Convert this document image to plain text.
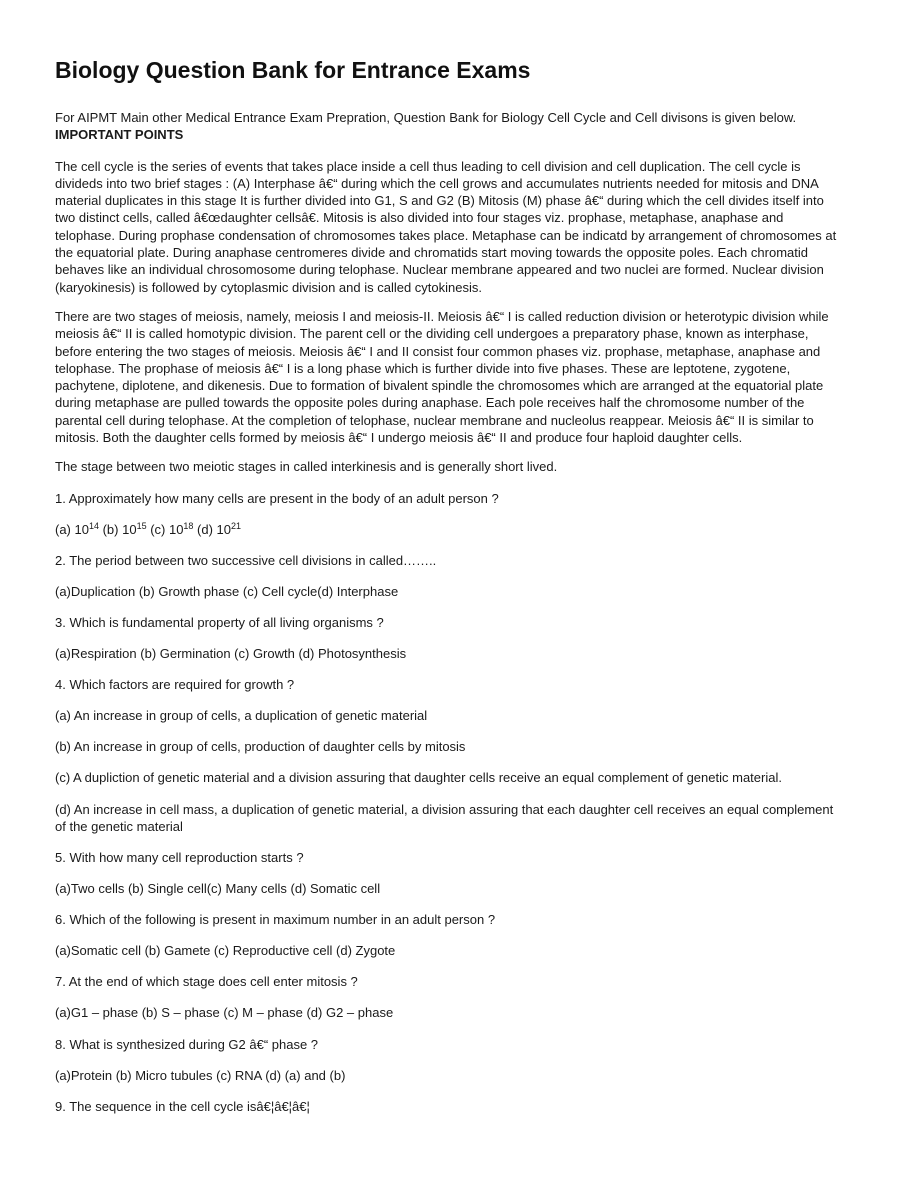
Biology Question Bank for Entrance Exams

For AIPMT Main other Medical Entrance Exam Prepration, Question Bank for Biology Cell Cycle and Cell divisons is given below.

IMPORTANT POINTS

The cell cycle is the series of events that takes place inside a cell thus leading to cell division and cell duplication. The cell cycle is divideds into two brief stages : (A) Interphase â€“ during which the cell grows and accumulates nutrients needed for mitosis and DNA material duplicates in this stage It is further divided into G1, S and G2 (B) Mitosis (M) phase â€“ during which the cell divides itself into two distinct cells, called â€œdaughter cellsâ€. Mitosis is also divided into four stages viz. prophase, metaphase, anaphase and telophase. During prophase condensation of chromosomes takes place. Metaphase can be indicatd by arrangement of chromosomes at the equatorial plate. During anaphase centromeres divide and chromatids start moving towards the opposite poles. Each chromatid behaves like an individual chrosomosome during telophase. Nuclear membrane appeared and two nuclei are formed. Nuclear division (karyokinesis) is followed by cytoplasmic division and is called cytokinesis.

There are two stages of meiosis, namely, meiosis I and meiosis-II. Meiosis â€“ I is called reduction division or heterotypic division while meiosis â€“ II is called homotypic division. The parent cell or the dividing cell undergoes a preparatory phase, known as interphase, before entering the two stages of meiosis. Meiosis â€“ I and II consist four common phases viz. prophase, metaphase, anaphase and telophase. The prophase of meiosis â€“ I is a long phase which is further divide into five phases. These are leptotene, zygotene, pachytene, diplotene, and dikenesis. Due to formation of bivalent spindle the chromosomes which are arranged at the equatorial plate during metaphase are pulled towards the opposite poles during anaphase. Each pole receives half the chromosome number of the parental cell during telophase. At the completion of telophase, nuclear membrane and nucleolus reappear. Meiosis â€“ II is similar to mitosis. Both the daughter cells formed by meiosis â€“ I undergo meiosis â€“ II and produce four haploid daughter cells.

The stage between two meiotic stages in called interkinesis and is generally short lived.

1. Approximately how many cells are present in the body of an adult person ?

(a) $10^{14}$ (b) $10^{15}$ (c) $10^{18}$ (d) $10^{21}$

2. The period between two successive cell divisions in called……..

(a)Duplication (b) Growth phase (c) Cell cycle(d) Interphase

3. Which is fundamental property of all living organisms ?

(a)Respiration (b) Germination (c) Growth (d) Photosynthesis

4. Which factors are required for growth ?

(a) An increase in group of cells, a duplication of genetic material

(b) An increase in group of cells, production of daughter cells by mitosis

(c) A dupliction of genetic material and a division assuring that daughter cells receive an equal complement of genetic material.

(d) An increase in cell mass, a duplication of genetic material, a division assuring that each daughter cell receives an equal complement of the genetic material

5. With how many cell reproduction starts ?

(a)Two cells (b) Single cell(c) Many cells (d) Somatic cell

6. Which of the following is present in maximum number in an adult person ?

(a)Somatic cell (b) Gamete (c) Reproductive cell (d) Zygote

7. At the end of which stage does cell enter mitosis ?

(a)G1 – phase (b) S – phase (c) M – phase (d) G2 – phase

8. What is synthesized during G2 â€“ phase ?

(a)Protein (b) Micro tubules (c) RNA (d) (a) and (b)

9. The sequence in the cell cycle isâ€¦â€¦â€¦
